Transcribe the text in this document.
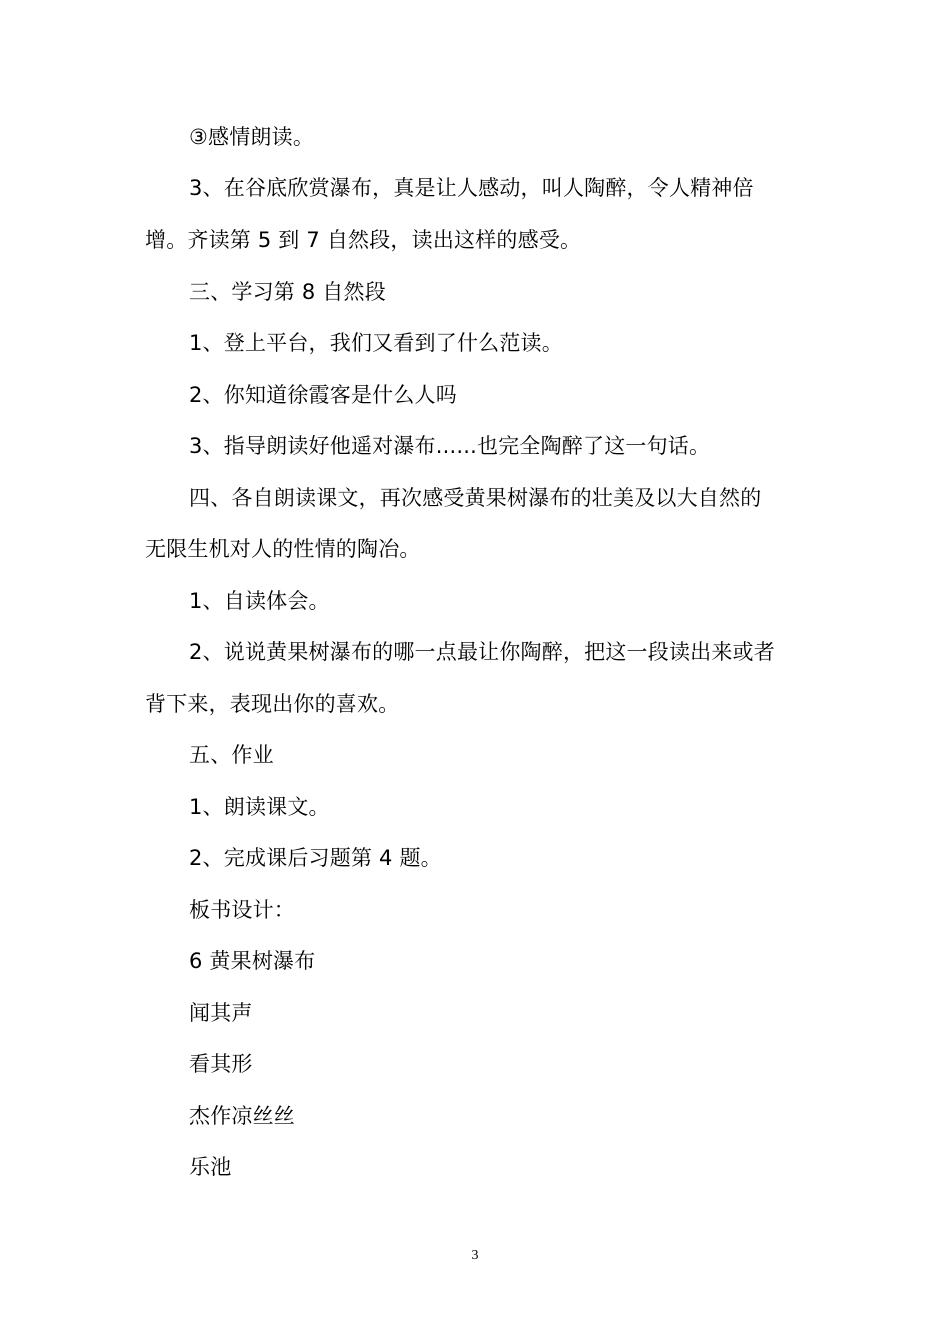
③感情朗读。

3、在谷底欣赏瀑布，真是让人感动，叫人陶醉，令人精神倍

增。齐读第 5 到 7 自然段，读出这样的感受。

三、学习第 8 自然段

1、登上平台，我们又看到了什么范读。

2、你知道徐霞客是什么人吗

3、指导朗读好他遥对瀑布......也完全陶醉了这一句话。

四、各自朗读课文，再次感受黄果树瀑布的壮美及以大自然的

无限生机对人的性情的陶冶。

1、自读体会。

2、说说黄果树瀑布的哪一点最让你陶醉，把这一段读出来或者

背下来，表现出你的喜欢。

五、作业

1、朗读课文。

2、完成课后习题第 4 题。

板书设计：

6 黄果树瀑布

闻其声

看其形

杰作凉丝丝

乐池

3
